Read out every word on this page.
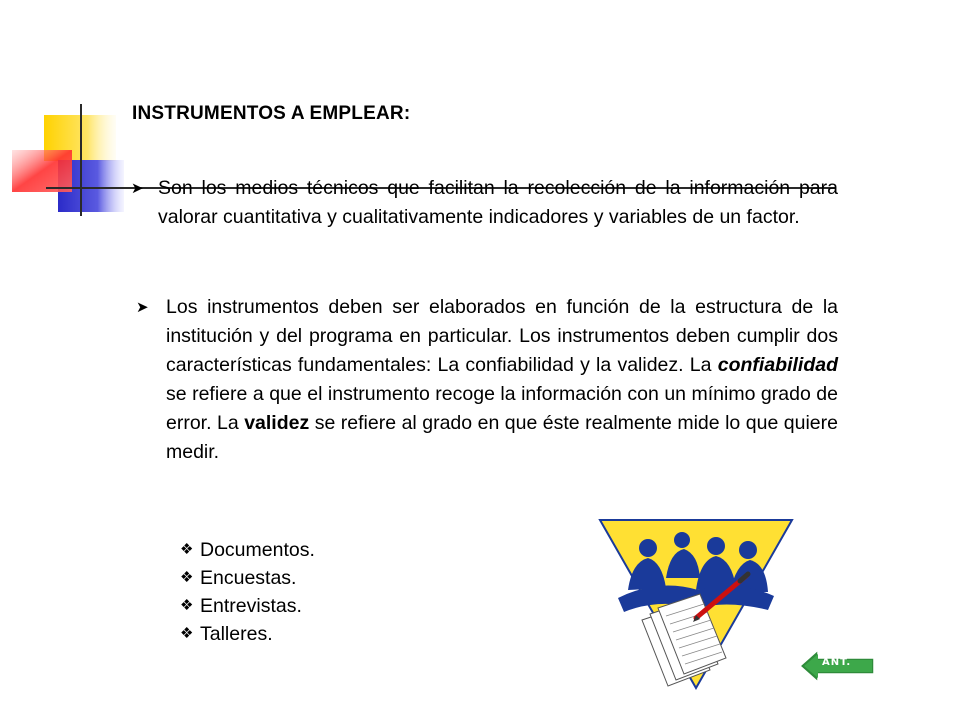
INSTRUMENTOS A EMPLEAR:
➤ Son los medios técnicos que facilitan la recolección de la información para valorar cuantitativa y cualitativamente indicadores y variables de un factor.
➤ Los instrumentos deben ser elaborados en función de la estructura de la institución y del programa en particular. Los instrumentos deben cumplir dos características fundamentales: La confiabilidad y la validez. La confiabilidad se refiere a que el instrumento recoge la información con un mínimo grado de error. La validez se refiere al grado en que éste realmente mide lo que quiere medir.
❖ Documentos.
❖ Encuestas.
❖ Entrevistas.
❖ Talleres.
ANT.
